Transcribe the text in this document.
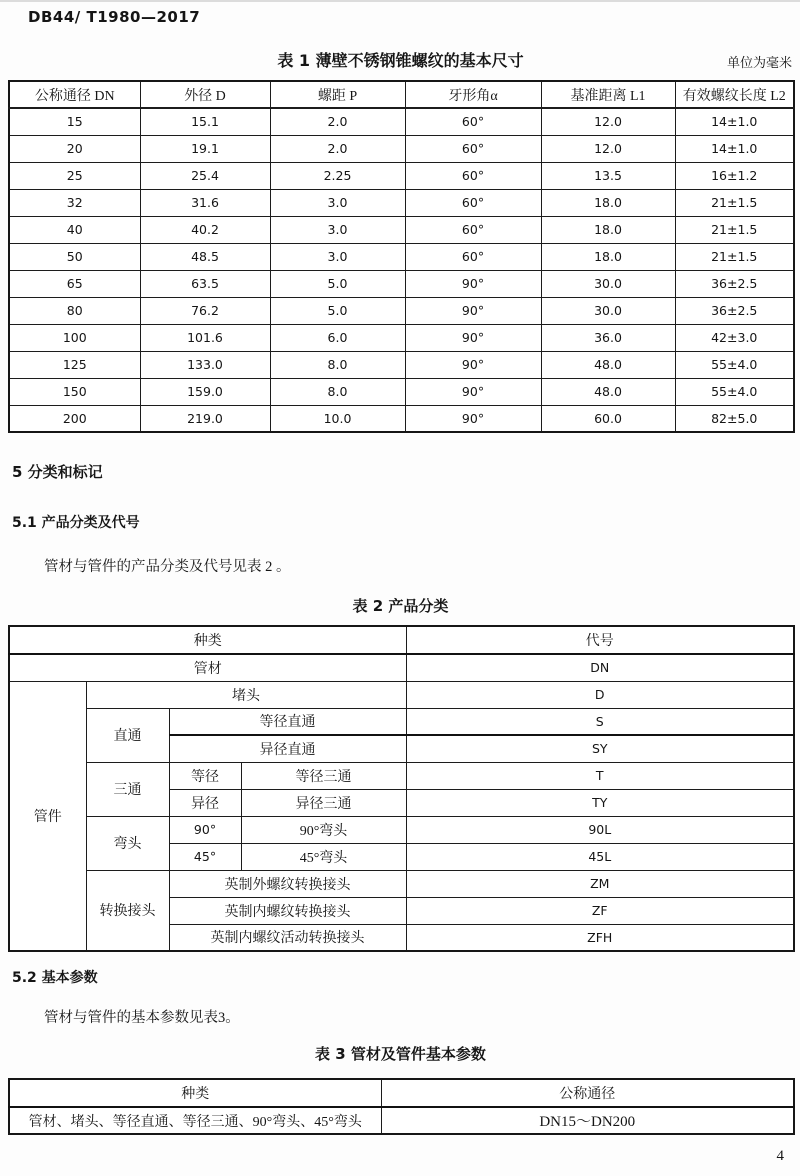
DB44/ T1980—2017
表 1 薄壁不锈钢锥螺纹的基本尺寸	单位为毫米
公称通径 DN	外径 D	螺距 P	牙形角α	基准距离 L1	有效螺纹长度 L2
15	15.1	2.0	60°	12.0	14±1.0
20	19.1	2.0	60°	12.0	14±1.0
25	25.4	2.25	60°	13.5	16±1.2
32	31.6	3.0	60°	18.0	21±1.5
40	40.2	3.0	60°	18.0	21±1.5
50	48.5	3.0	60°	18.0	21±1.5
65	63.5	5.0	90°	30.0	36±2.5
80	76.2	5.0	90°	30.0	36±2.5
100	101.6	6.0	90°	36.0	42±3.0
125	133.0	8.0	90°	48.0	55±4.0
150	159.0	8.0	90°	48.0	55±4.0
200	219.0	10.0	90°	60.0	82±5.0
5 分类和标记
5.1 产品分类及代号
管材与管件的产品分类及代号见表 2 。
表 2 产品分类
种类				代号
管材				DN
管件	堵头			D
	直通	等径直通		S
		异径直通		SY
	三通	等径	等径三通	T
		异径	异径三通	TY
	弯头	90°	90°弯头	90L
		45°	45°弯头	45L
	转换接头	英制外螺纹转换接头		ZM
		英制内螺纹转换接头		ZF
		英制内螺纹活动转换接头		ZFH
5.2 基本参数
管材与管件的基本参数见表3。
表 3 管材及管件基本参数
种类	公称通径
管材、堵头、等径直通、等径三通、90°弯头、45°弯头	DN15～DN200
4
